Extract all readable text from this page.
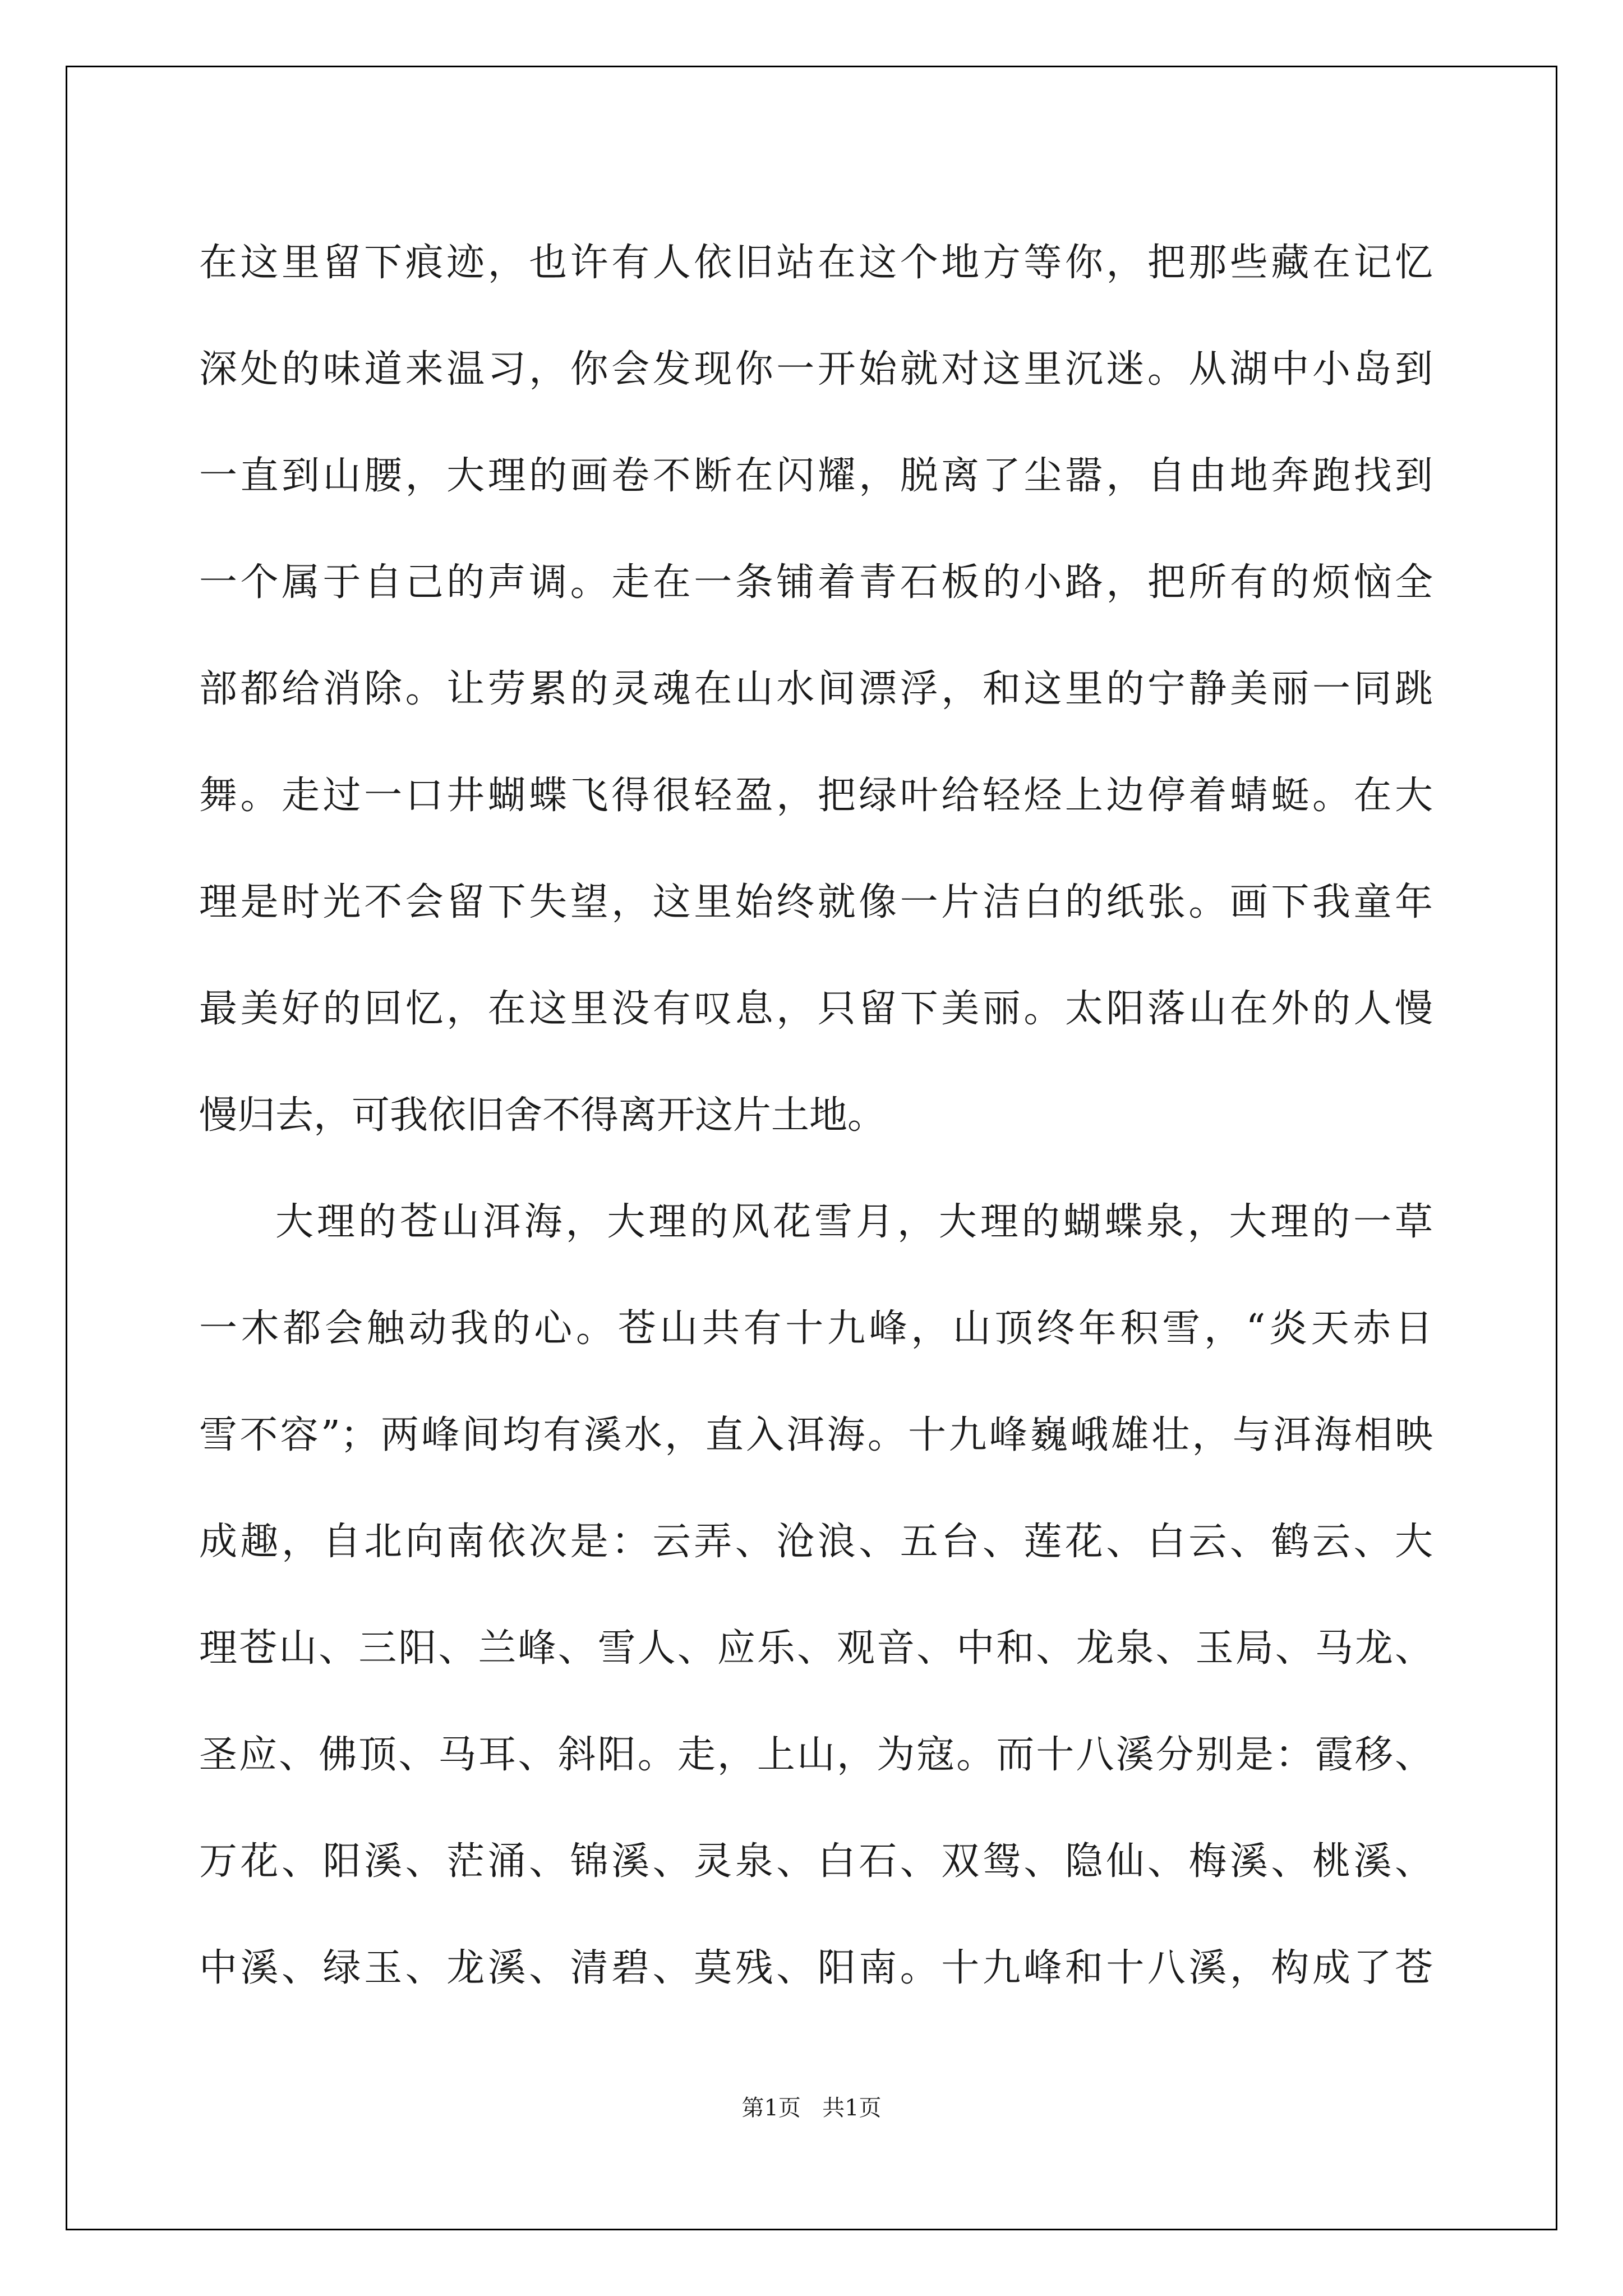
在这里留下痕迹，也许有人依旧站在这个地方等你，把那些藏在记忆
深处的味道来温习，你会发现你一开始就对这里沉迷。从湖中小岛到
一直到山腰，大理的画卷不断在闪耀，脱离了尘嚣，自由地奔跑找到
一个属于自己的声调。走在一条铺着青石板的小路，把所有的烦恼全
部都给消除。让劳累的灵魂在山水间漂浮，和这里的宁静美丽一同跳
舞。走过一口井蝴蝶飞得很轻盈，把绿叶给轻烃上边停着蜻蜓。在大
理是时光不会留下失望，这里始终就像一片洁白的纸张。画下我童年
最美好的回忆，在这里没有叹息，只留下美丽。太阳落山在外的人慢
慢归去，可我依旧舍不得离开这片土地。
大理的苍山洱海，大理的风花雪月，大理的蝴蝶泉，大理的一草
一木都会触动我的心。苍山共有十九峰，山顶终年积雪，“炎天赤日
雪不容”；两峰间均有溪水，直入洱海。十九峰巍峨雄壮，与洱海相映
成趣，自北向南依次是：云弄、沧浪、五台、莲花、白云、鹤云、大
理苍山、三阳、兰峰、雪人、应乐、观音、中和、龙泉、玉局、马龙、
圣应、佛顶、马耳、斜阳。走，上山，为寇。而十八溪分别是：霞移、
万花、阳溪、茫涌、锦溪、灵泉、白石、双鸳、隐仙、梅溪、桃溪、
中溪、绿玉、龙溪、清碧、莫残、阳南。十九峰和十八溪，构成了苍
第1页 共1页
